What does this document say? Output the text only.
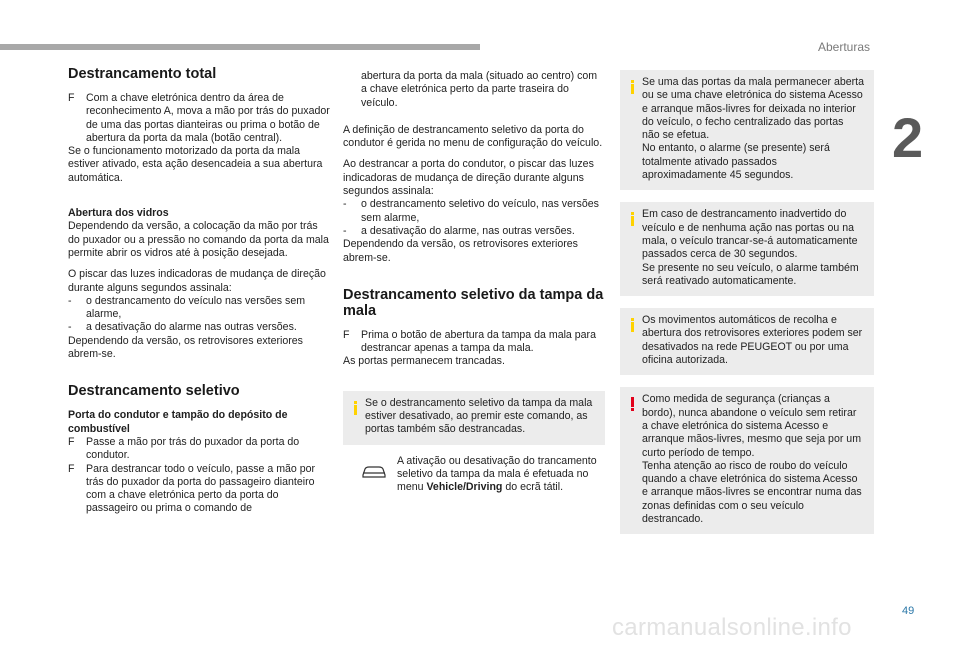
Aberturas
2
Destrancamento total
F Com a chave eletrónica dentro da área de reconhecimento A, mova a mão por trás do puxador de uma das portas dianteiras ou prima o botão de abertura da porta da mala (botão central).

Se o funcionamento motorizado da porta da mala estiver ativado, esta ação desencadeia a sua abertura automática.

Abertura dos vidros

Dependendo da versão, a colocação da mão por trás do puxador ou a pressão no comando da porta da mala permite abrir os vidros até à posição desejada.

O piscar das luzes indicadoras de mudança de direção durante alguns segundos assinala:

- o destrancamento do veículo nas versões sem alarme,
- a desativação do alarme nas outras versões.

Dependendo da versão, os retrovisores exteriores abrem-se.

Destrancamento seletivo
Porta do condutor e tampão do depósito de
combustível
F Passe a mão por trás do puxador da porta do condutor.
F Para destrancar todo o veículo, passe a mão por trás do puxador da porta do passageiro dianteiro com a chave eletrónica perto da porta do passageiro ou prima o comando de
abertura da porta da mala (situado ao centro) com a chave eletrónica perto da parte traseira do veículo.

A definição de destrancamento seletivo da porta do condutor é gerida no menu de configuração do veículo.

Ao destrancar a porta do condutor, o piscar das luzes indicadoras de mudança de direção durante alguns segundos assinala:

- o destrancamento seletivo do veículo, nas versões sem alarme,
- a desativação do alarme, nas outras versões.

Dependendo da versão, os retrovisores exteriores abrem-se.

Destrancamento seletivo da tampa da mala
F Prima o botão de abertura da tampa da mala para destrancar apenas a tampa da mala.

As portas permanecem trancadas.

Se o destrancamento seletivo da tampa da mala estiver desativado, ao premir este comando, as portas também são destrancadas.

A ativação ou desativação do trancamento seletivo da tampa da mala é efetuada no menu Vehicle/Driving do ecrã tátil.

Se uma das portas da mala permanecer aberta ou se uma chave eletrónica do sistema Acesso e arranque mãos-livres for deixada no interior do veículo, o fecho centralizado das portas não se efetua.

No entanto, o alarme (se presente) será totalmente ativado passados aproximadamente 45 segundos.

Em caso de destrancamento inadvertido do veículo e de nenhuma ação nas portas ou na mala, o veículo trancar-se-á automaticamente passados cerca de 30 segundos.

Se presente no seu veículo, o alarme também será reativado automaticamente.

Os movimentos automáticos de recolha e abertura dos retrovisores exteriores podem ser desativados na rede PEUGEOT ou por uma oficina autorizada.

Como medida de segurança (crianças a bordo), nunca abandone o veículo sem retirar a chave eletrónica do sistema Acesso e arranque mãos-livres, mesmo que seja por um curto período de tempo.

Tenha atenção ao risco de roubo do veículo quando a chave eletrónica do sistema Acesso e arranque mãos-livres se encontrar numa das zonas definidas com o seu veículo destrancado.

49
carmanualsonline.info
